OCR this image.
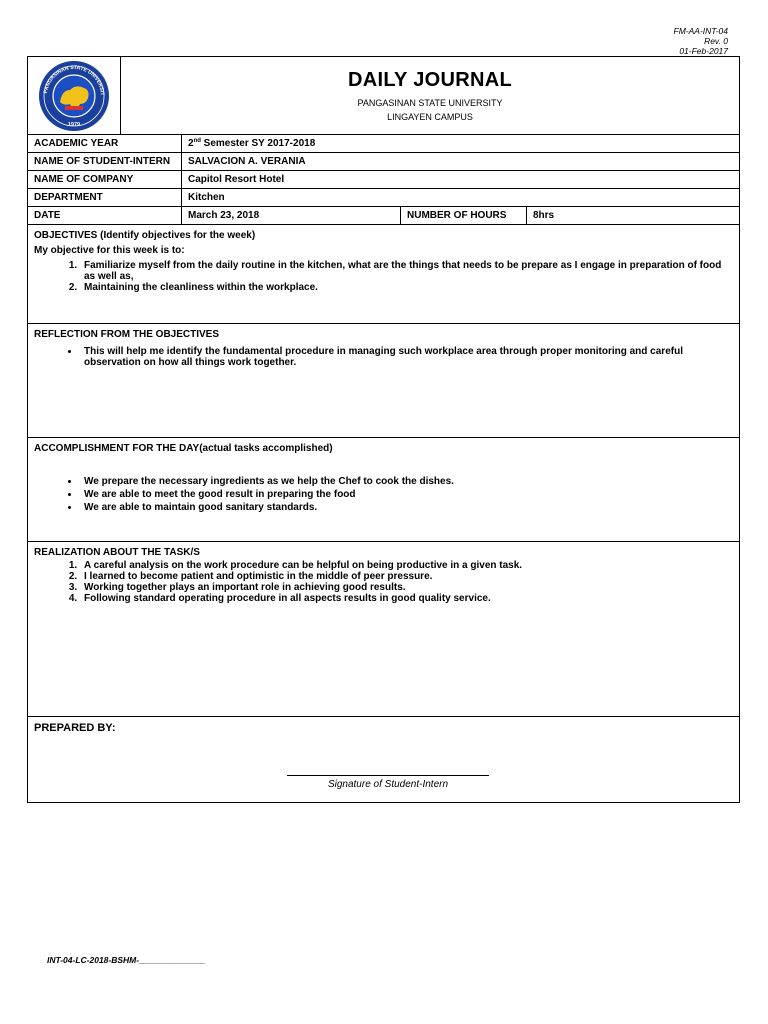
FM-AA-INT-04
Rev. 0
01-Feb-2017
PANGASINAN STATE UNIVERSIT
1979
DAILY JOURNAL
PANGASINAN STATE UNIVERSITY
LINGAYEN CAMPUS
ACADEMIC YEAR	2nd Semester SY 2017-2018
NAME OF STUDENT-INTERN	SALVACION A. VERANIA
NAME OF COMPANY	Capitol Resort Hotel
DEPARTMENT	Kitchen
DATE	March 23, 2018	NUMBER OF HOURS	8hrs
OBJECTIVES (Identify objectives for the week)
My objective for this week is to:
1. Familiarize myself from the daily routine in the kitchen, what are the things that needs to be prepare as I engage in preparation of food as well as,
2. Maintaining the cleanliness within the workplace.
REFLECTION FROM THE OBJECTIVES
• This will help me identify the fundamental procedure in managing such workplace area through proper monitoring and careful observation on how all things work together.
ACCOMPLISHMENT FOR THE DAY(actual tasks accomplished)
• We prepare the necessary ingredients as we help the Chef to cook the dishes.
• We are able to meet the good result in preparing the food
• We are able to maintain good sanitary standards.
REALIZATION ABOUT THE TASK/S
1. A careful analysis on the work procedure can be helpful on being productive in a given task.
2. I learned to become patient and optimistic in the middle of peer pressure.
3. Working together plays an important role in achieving good results.
4. Following standard operating procedure in all aspects results in good quality service.
PREPARED BY:
Signature of Student-Intern
INT-04-LC-2018-BSHM-______________
